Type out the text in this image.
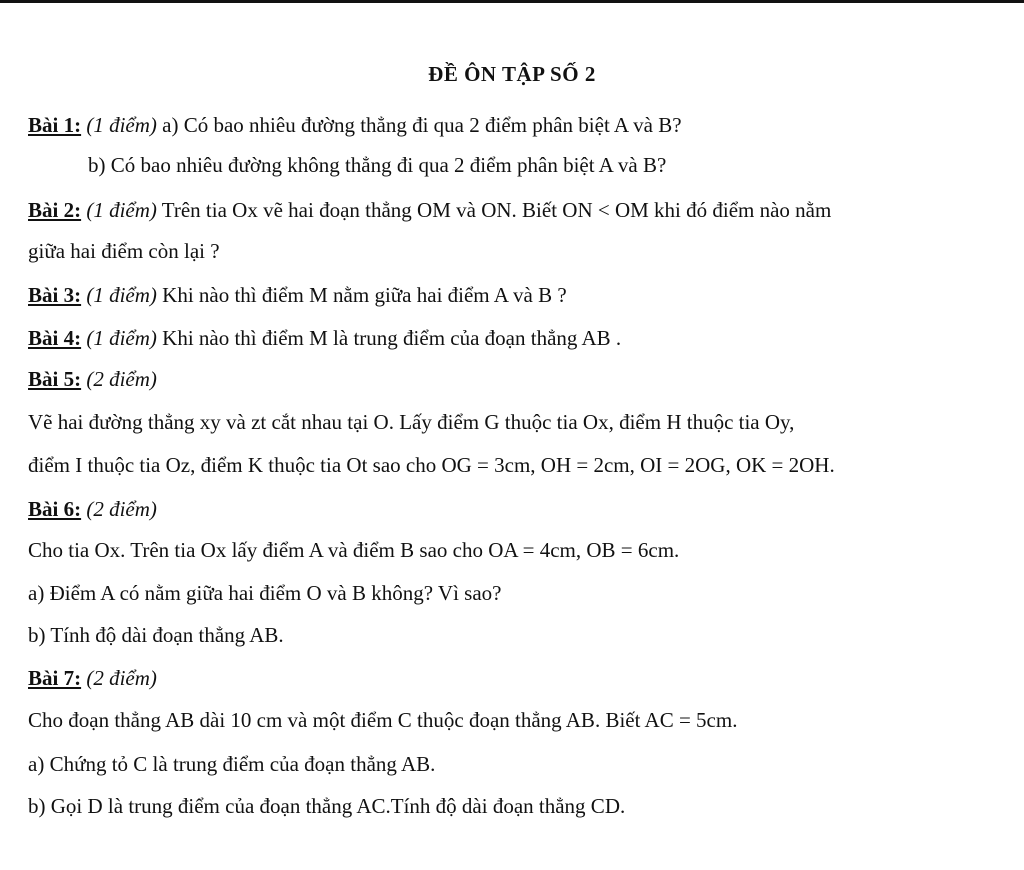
ĐỀ ÔN TẬP SỐ 2
Bài 1: (1 điểm) a) Có bao nhiêu đường thẳng đi qua 2 điểm phân biệt A và B?
b) Có bao nhiêu đường không thẳng đi qua 2 điểm phân biệt A và B?
Bài 2: (1 điểm) Trên tia Ox vẽ hai đoạn thẳng OM và ON. Biết ON < OM khi đó điểm nào nằm
giữa hai điểm còn lại ?
Bài 3: (1 điểm) Khi nào thì điểm M nằm giữa hai điểm A và B ?
Bài 4: (1 điểm) Khi nào thì điểm M là trung điểm của đoạn thẳng AB .
Bài 5: (2 điểm)
Vẽ hai đường thẳng xy và zt cắt nhau tại O. Lấy điểm G thuộc tia Ox, điểm H thuộc tia Oy,
điểm I thuộc tia Oz, điểm K thuộc tia Ot sao cho OG = 3cm, OH = 2cm, OI = 2OG, OK = 2OH.
Bài 6: (2 điểm)
Cho tia Ox. Trên tia Ox lấy điểm A và điểm B sao cho OA = 4cm, OB = 6cm.
a) Điểm A có nằm giữa hai điểm O và B không? Vì sao?
b) Tính độ dài đoạn thẳng AB.
Bài 7: (2 điểm)
Cho đoạn thẳng AB dài 10 cm và một điểm C thuộc đoạn thẳng AB. Biết AC = 5cm.
a) Chứng tỏ C là trung điểm của đoạn thẳng AB.
b) Gọi D là trung điểm của đoạn thẳng AC.Tính độ dài đoạn thẳng CD.
